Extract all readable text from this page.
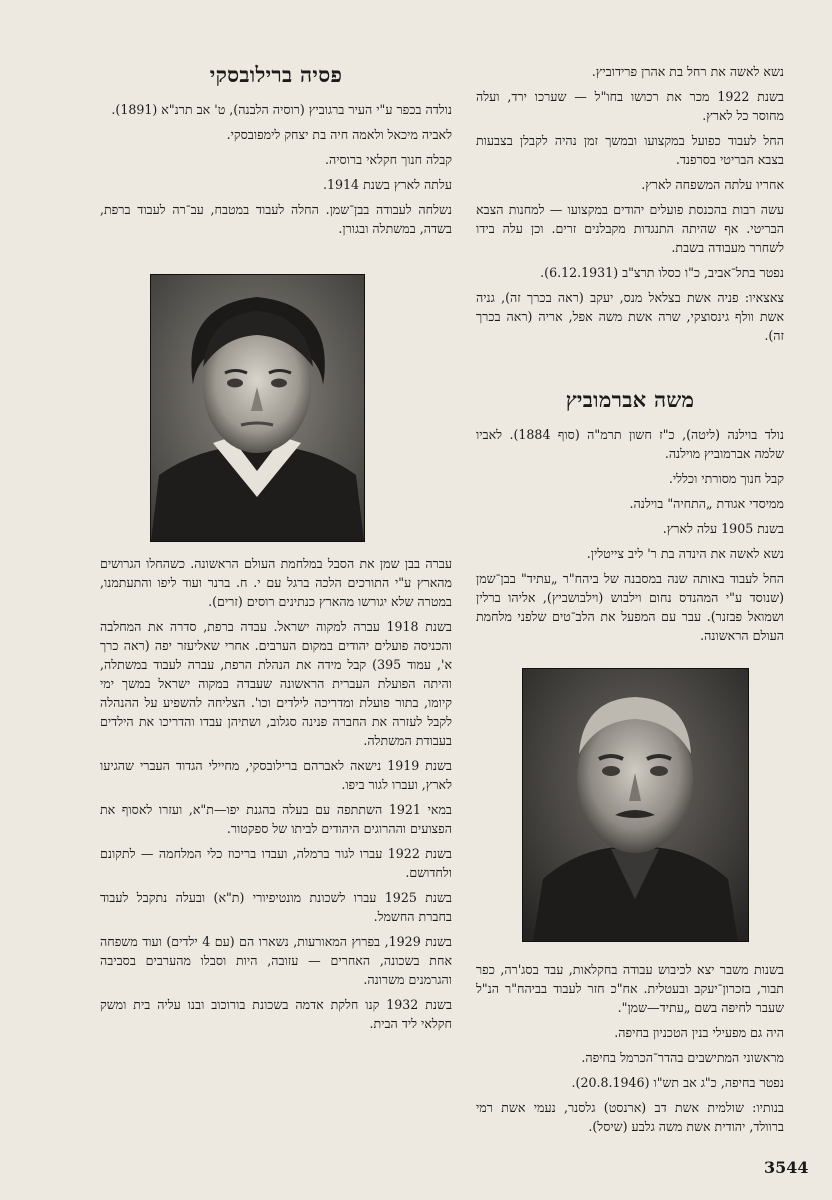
נשא לאשה את רחל בת אהרן פרידוביץ.

בשנת 1922 מכר את רכושו בחו"ל — שערכו ירד, ועלה מחוסר כל לארץ.

החל לעבוד כפועל במקצועו ובמשך זמן נהיה לקבלן בצבעות בצבא הבריטי בסרפנד.

אחריו עלתה המשפחה לארץ.

עשה רבות בהכנסת פועלים יהודים במקצועו — למחנות הצבא הבריטי. אף שהיתה התנגדות מקבלנים זרים. וכן עלה בידו לשחרר מעבודה בשבת.

נפטר בתל־אביב, כ"ו כסלו תרצ"ב (6.12.1931).

צאצאיו: פניה אשת בצלאל מנס, יעקב (ראה בכרך זה), גניה אשת וולף גינסוצקי, שרה אשת משה אפל, אריה (ראה בכרך זה).

משה אברמוביץ

נולד בוילנה (ליטה), כ"ז חשון תרמ"ה (סוף 1884). לאביו שלמה אברמוביץ מוילנה.

קבל חנוך מסורתי וכללי.

ממיסדי אגודת „התחיה" בוילנה.

בשנת 1905 עלה לארץ.

נשא לאשה את הינדה בת ר' ליב צייטלין.

החל לעבוד באותה שנה במסבנה של ביהח"ר „עתיד" בבן־שמן (שנוסד ע"י המהנדס נחום וילבוש (וילבושביץ), אליהו ברלין ושמואל פבזנר). עבר עם המפעל את הלב־טים שלפני מלחמת העולם הראשונה.

בשנות משבר יצא לכיבוש עבודה בחקלאות, עבד בסג'רה, כפר תבור, בזכרון־יעקב ובעטלית. אח"כ חזר לעבוד בביהח"ר הנ"ל שעבר לחיפה בשם „עתיד—שמן".

היה גם מפעילי בנין הטכניון בחיפה.

מראשוני המתישבים בהדר־הכרמל בחיפה.

נפטר בחיפה, כ"ג אב תש"ו (20.8.1946).

בנותיו: שולמית אשת דב (ארנסט) גלסנר, נעמי אשת רמי ברוולד, יהודית אשת משה גלבע (שיסל).

פסיה ברילובסקי

נולדה בכפר ע"י העיר ברגוביץ (רוסיה הלבנה), ט' אב תרנ"א (1891).

לאביה מיכאל ולאמה חיה בת יצחק לימפובסקי.

קבלה חנוך חקלאי ברוסיה.

עלתה לארץ בשנת 1914.

נשלחה לעבודה בבן־שמן. החלה לעבוד במטבח, עב־רה לעבוד ברפת, בשדה, במשתלה ובגורן.

עברה בבן שמן את הסבל במלחמת העולם הראשונה. כשהחלו הגרושים מהארץ ע"י התורכים הלכה ברגל עם י. ח. ברנר ועוד ליפו והתעתמנו, במטרה שלא יגורשו מהארץ כנתינים רוסים (זרים).

בשנת 1918 עברה למקוה ישראל. עבדה ברפת, סדרה את המחלבה והכניסה פועלים יהודים במקום הערבים. אחרי שאליעזר יפה (ראה כרך א', עמוד 395) קבל מידה את הנהלת הרפת, עברה לעבוד במשתלה, והיתה הפועלת העברית הראשונה שעבדה במקוה ישראל במשך ימי קיומו, בתור פועלת ומדריכה לילדים וכו'. הצליחה להשפיע על ההנהלה לקבל לעזרה את החברה פנינה סגלוב, ושתיהן עבדו והדריכו את הילדים בעבודת המשתלה.

בשנת 1919 נישאה לאברהם ברילובסקי, מחיילי הגדוד העברי שהגיעו לארץ, ועברו לגור ביפו.

במאי 1921 השתתפה עם בעלה בהגנת יפו—ת"א, ועזרו לאסוף את הפצועים וההרוגים היהודים לביתו של ספקטור.

בשנת 1922 עברו לגור ברמלה, ועבדו בריכוז כלי המלחמה — לתקונם ולחדושם.

בשנת 1925 עברו לשכונת מונטיפיורי (ת"א) ובעלה נתקבל לעבוד בחברת החשמל.

בשנת 1929, בפרוץ המאורעות, נשארו הם (עם 4 ילדים) ועוד משפחה אחת בשכונה, האחרים — עזובה, היות וסבלו מהערבים בסביבה והגרמנים משרונה.

בשנת 1932 קנו חלקת אדמה בשכונת בורוכוב ובנו עליה בית ומשק חקלאי ליד הבית.

3544
